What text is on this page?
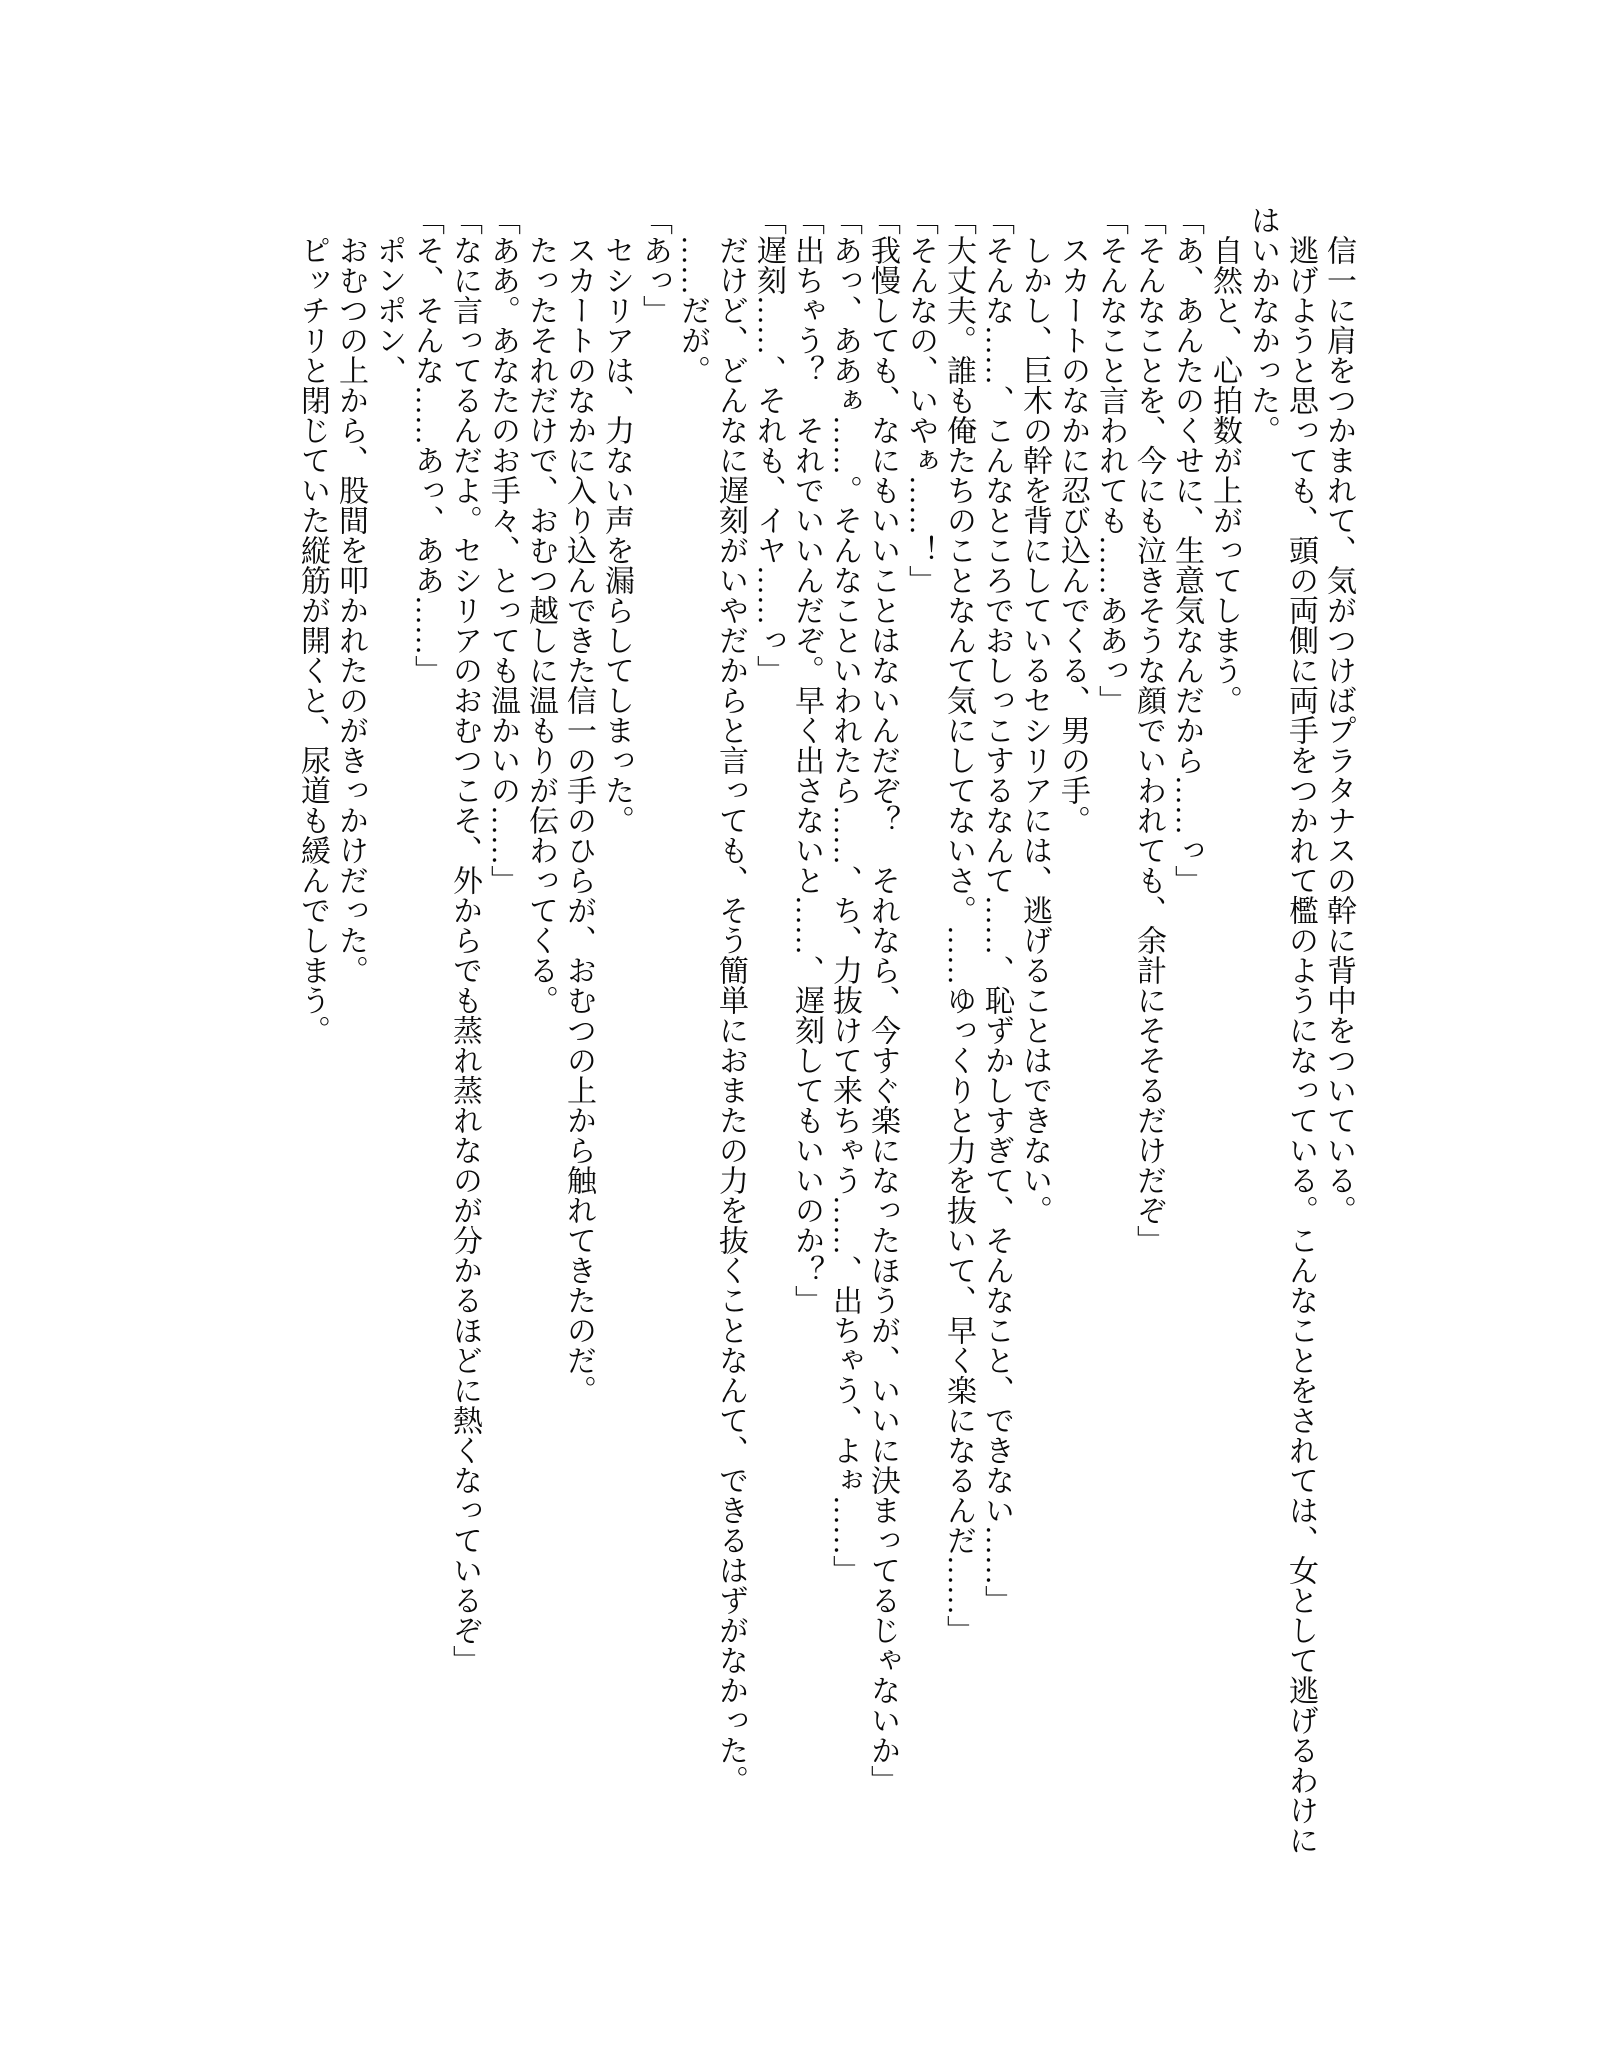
信一に肩をつかまれて、気がつけばプラタナスの幹に背中をついている。

逃げようと思っても、頭の両側に両手をつかれて檻のようになっている。こんなことをされては、女として逃げるわけにはいかなかった。

自然と、心拍数が上がってしまう。

「あ、あんたのくせに、生意気なんだから……っ」

「そんなことを、今にも泣きそうな顔でいわれても、余計にそそるだけだぞ」

「そんなこと言われても……ああっ」

スカートのなかに忍び込んでくる、男の手。

しかし、巨木の幹を背にしているセシリアには、逃げることはできない。

「そんな……、こんなところでおしっこするなんて……、恥ずかしすぎて、そんなこと、できない……」

「大丈夫。誰も俺たちのことなんて気にしてないさ。……ゆっくりと力を抜いて、早く楽になるんだ……」

「そんなの、いやぁ……！」

「我慢しても、なにもいいことはないんだぞ？　それなら、今すぐ楽になったほうが、いいに決まってるじゃないか」

「あっ、ああぁ……。そんなこといわれたら……、ち、力抜けて来ちゃう……、出ちゃう、よぉ……」

「出ちゃう？　それでいいんだぞ。早く出さないと……、遅刻してもいいのか？」

「遅刻……、それも、イヤ……っ」

だけど、どんなに遅刻がいやだからと言っても、そう簡単におまたの力を抜くことなんて、できるはずがなかった。

……だが。

「あっ」

セシリアは、力ない声を漏らしてしまった。

スカートのなかに入り込んできた信一の手のひらが、おむつの上から触れてきたのだ。

たったそれだけで、おむつ越しに温もりが伝わってくる。

「ああ。あなたのお手々、とっても温かいの……」

「なに言ってるんだよ。セシリアのおむつこそ、外からでも蒸れ蒸れなのが分かるほどに熱くなっているぞ」

「そ、そんな……あっ、ああ……」

ポンポン、

おむつの上から、股間を叩かれたのがきっかけだった。

ピッチリと閉じていた縦筋が開くと、尿道も緩んでしまう。
